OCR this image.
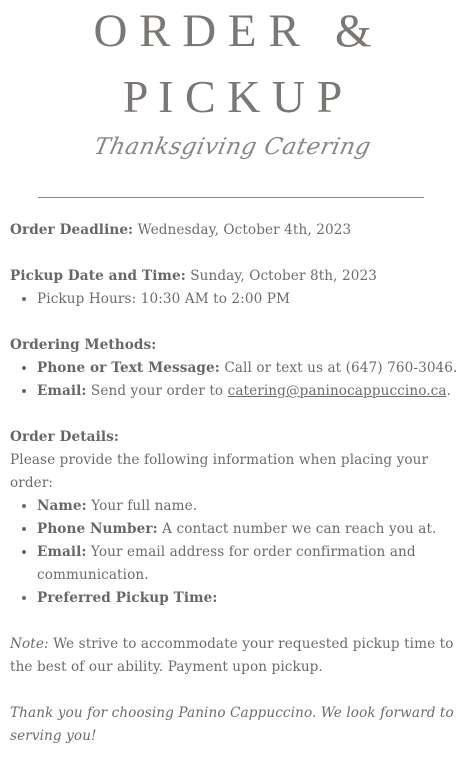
O R D E R   &
P I C K U P
Thanksgiving Catering

Order Deadline: Wednesday, October 4th, 2023

Pickup Date and Time: Sunday, October 8th, 2023

• Pickup Hours: 10:30 AM to 2:00 PM

Ordering Methods:

• Phone or Text Message: Call or text us at (647) 760-3046.
• Email: Send your order to catering@paninocappuccino.ca.

Order Details:

Please provide the following information when placing your order:

• Name: Your full name.
• Phone Number: A contact number we can reach you at.
• Email: Your email address for order confirmation and communication.
• Preferred Pickup Time:

Note: We strive to accommodate your requested pickup time to the best of our ability. Payment upon pickup.

Thank you for choosing Panino Cappuccino. We look forward to serving you!
